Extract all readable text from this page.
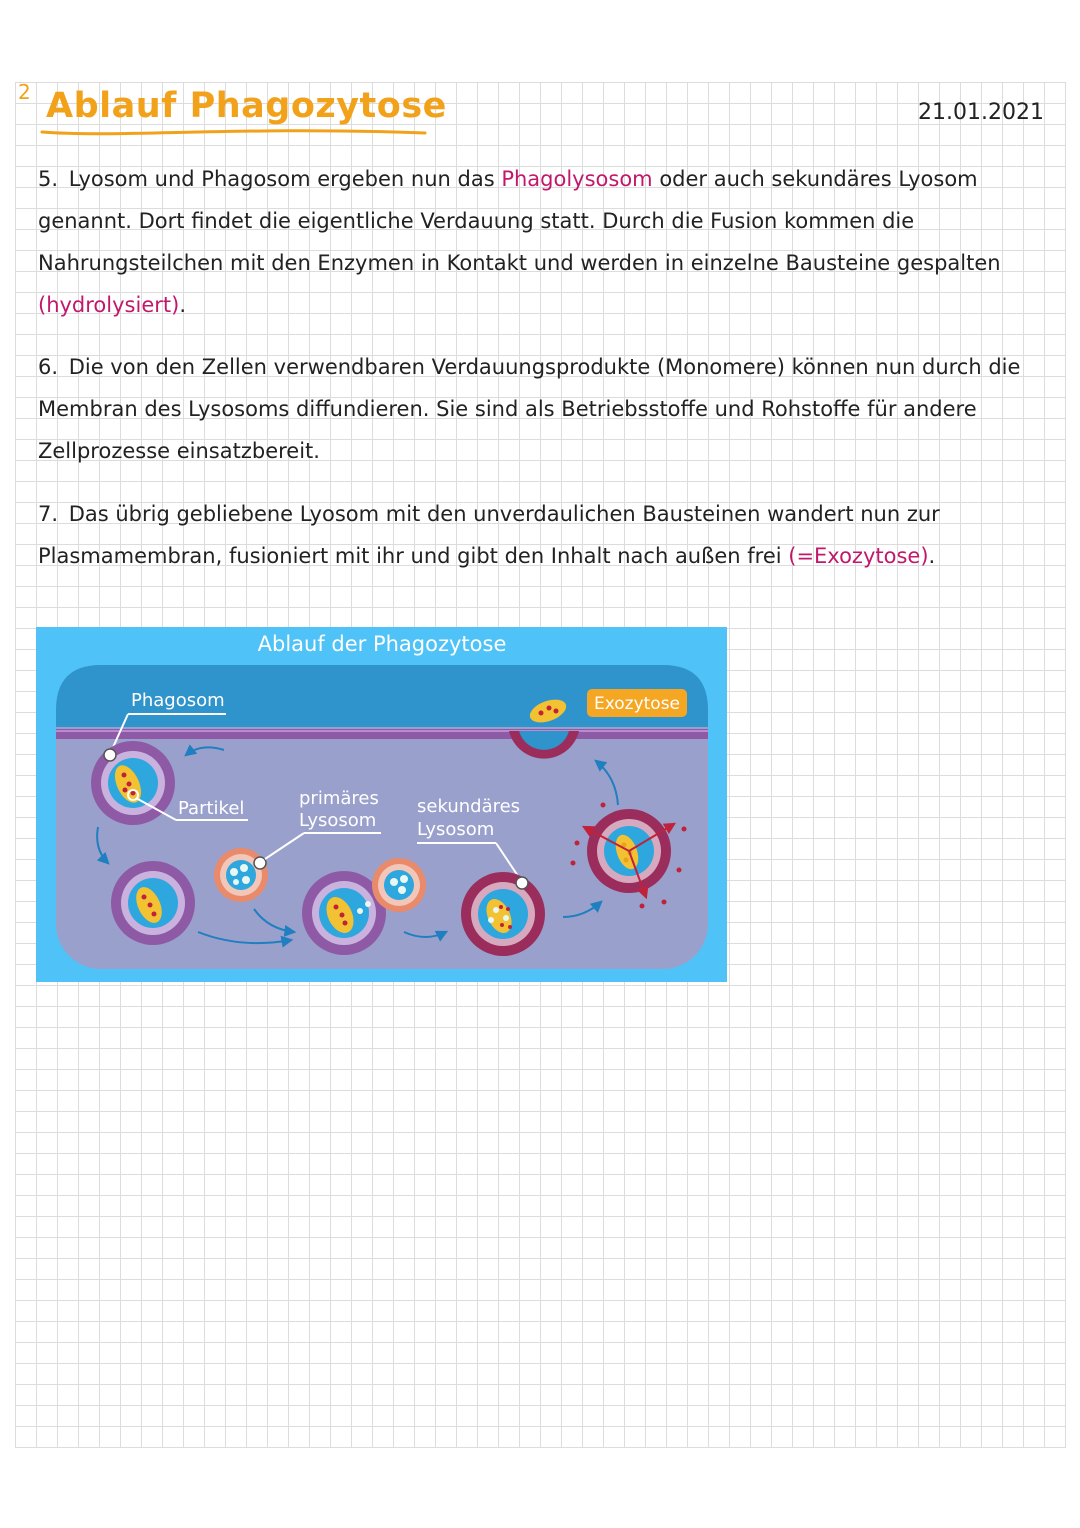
2 Ablauf Phagozytose	21.01.2021
5. Lyosom und Phagosom ergeben nun das Phagolysosom oder auch sekundäres Lyosom genannt. Dort findet die eigentliche Verdauung statt. Durch die Fusion kommen die Nahrungsteilchen mit den Enzymen in Kontakt und werden in einzelne Bausteine gespalten (hydrolysiert).
6. Die von den Zellen verwendbaren Verdauungsprodukte (Monomere) können nun durch die Membran des Lysosoms diffundieren. Sie sind als Betriebsstoffe und Rohstoffe für andere Zellprozesse einsatzbereit.
7. Das übrig gebliebene Lyosom mit den unverdaulichen Bausteinen wandert nun zur Plasmamembran, fusioniert mit ihr und gibt den Inhalt nach außen frei (=Exozytose).
Ablauf der Phagozytose
Exozytose
Phagosom
Partikel	primäres
Lysosom
sekundäres
Lysosom
